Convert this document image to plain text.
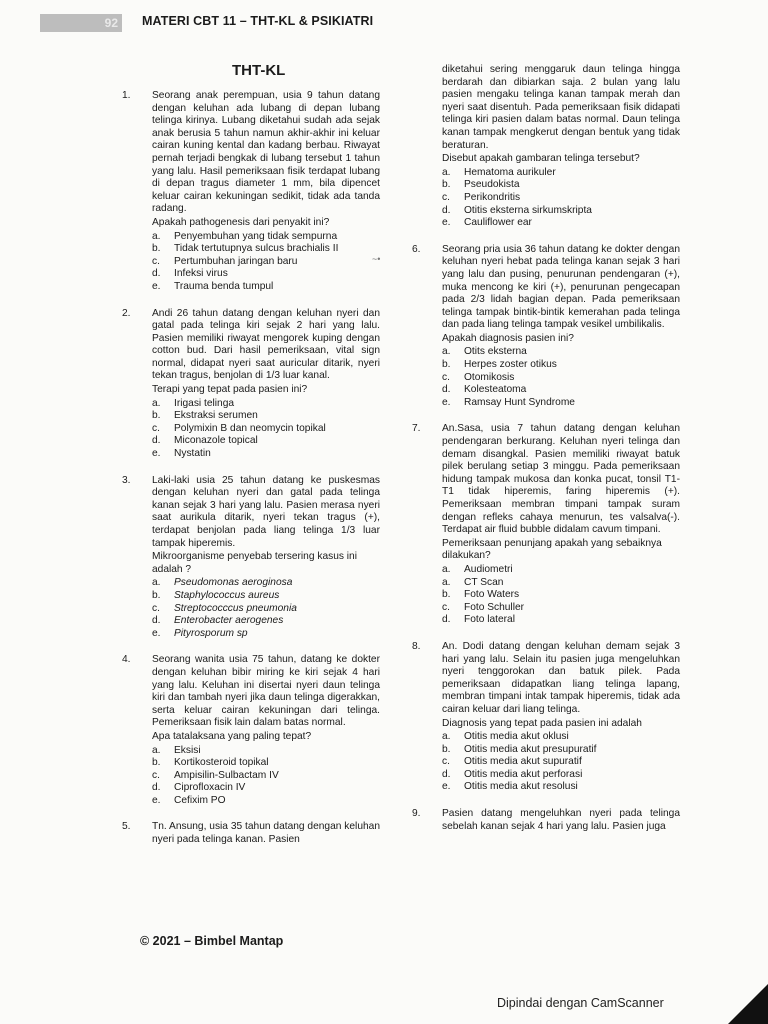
92	MATERI CBT 11 – THT-KL & PSIKIATRI
THT-KL
~•
1. Seorang anak perempuan, usia 9 tahun datang dengan keluhan ada lubang di depan lubang telinga kirinya. Lubang diketahui sudah ada sejak anak berusia 5 tahun namun akhir-akhir ini keluar cairan kuning kental dan kadang berbau. Riwayat pernah terjadi bengkak di lubang tersebut 1 tahun yang lalu. Hasil pemeriksaan fisik terdapat lubang di depan tragus diameter 1 mm, bila dipencet keluar cairan kekuningan sedikit, tidak ada tanda radang.
Apakah pathogenesis dari penyakit ini?
a. Penyembuhan yang tidak sempurna
b. Tidak tertutupnya sulcus brachialis II
c. Pertumbuhan jaringan baru
d. Infeksi virus
e. Trauma benda tumpul
2. Andi 26 tahun datang dengan keluhan nyeri dan gatal pada telinga kiri sejak 2 hari yang lalu. Pasien memiliki riwayat mengorek kuping dengan cotton bud. Dari hasil pemeriksaan, vital sign normal, didapat nyeri saat auricular ditarik, nyeri tekan tragus, benjolan di 1/3 luar kanal.
Terapi yang tepat pada pasien ini?
a. Irigasi telinga
b. Ekstraksi serumen
c. Polymixin B dan neomycin topikal
d. Miconazole topical
e. Nystatin
3. Laki-laki usia 25 tahun datang ke puskesmas dengan keluhan nyeri dan gatal pada telinga kanan sejak 3 hari yang lalu. Pasien merasa nyeri saat aurikula ditarik, nyeri tekan tragus (+), terdapat benjolan pada liang telinga 1/3 luar tampak hiperemis.
Mikroorganisme penyebab tersering kasus ini adalah ?
a. Pseudomonas aeroginosa
b. Staphylococcus aureus
c. Streptococccus pneumonia
d. Enterobacter aerogenes
e. Pityrosporum sp
4. Seorang wanita usia 75 tahun, datang ke dokter dengan keluhan bibir miring ke kiri sejak 4 hari yang lalu. Keluhan ini disertai nyeri daun telinga kiri dan tambah nyeri jika daun telinga digerakkan, serta keluar cairan kekuningan dari telinga. Pemeriksaan fisik lain dalam batas normal.
Apa tatalaksana yang paling tepat?
a. Eksisi
b. Kortikosteroid topikal
c. Ampisilin-Sulbactam IV
d. Ciprofloxacin IV
e. Cefixim PO
5. Tn. Ansung, usia 35 tahun datang dengan keluhan nyeri pada telinga kanan. Pasien
diketahui sering menggaruk daun telinga hingga berdarah dan dibiarkan saja. 2 bulan yang lalu pasien mengaku telinga kanan tampak merah dan nyeri saat disentuh. Pada pemeriksaan fisik didapati telinga kiri pasien dalam batas normal. Daun telinga kanan tampak mengkerut dengan bentuk yang tidak beraturan.
Disebut apakah gambaran telinga tersebut?
a. Hematoma aurikuler
b. Pseudokista
c. Perikondritis
d. Otitis eksterna sirkumskripta
e. Cauliflower ear
6. Seorang pria usia 36 tahun datang ke dokter dengan keluhan nyeri hebat pada telinga kanan sejak 3 hari yang lalu dan pusing, penurunan pendengaran (+), muka mencong ke kiri (+), penurunan pengecapan pada 2/3 lidah bagian depan. Pada pemeriksaan telinga tampak bintik-bintik kemerahan pada telinga dan pada liang telinga tampak vesikel umbilikalis.
Apakah diagnosis pasien ini?
a. Otits eksterna
b. Herpes zoster otikus
c. Otomikosis
d. Kolesteatoma
e. Ramsay Hunt Syndrome
7. An.Sasa, usia 7 tahun datang dengan keluhan pendengaran berkurang. Keluhan nyeri telinga dan demam disangkal. Pasien memiliki riwayat batuk pilek berulang setiap 3 minggu. Pada pemeriksaan hidung tampak mukosa dan konka pucat, tonsil T1-T1 tidak hiperemis, faring hiperemis (+). Pemeriksaan membran timpani tampak suram dengan refleks cahaya menurun, tes valsalva(-). Terdapat air fluid bubble didalam cavum timpani.
Pemeriksaan penunjang apakah yang sebaiknya dilakukan?
a. Audiometri
a. CT Scan
b. Foto Waters
c. Foto Schuller
d. Foto lateral
8. An. Dodi datang dengan keluhan demam sejak 3 hari yang lalu. Selain itu pasien juga mengeluhkan nyeri tenggorokan dan batuk pilek. Pada pemeriksaan didapatkan liang telinga lapang, membran timpani intak tampak hiperemis, tidak ada cairan keluar dari liang telinga.
Diagnosis yang tepat pada pasien ini adalah
a. Otitis media akut oklusi
b. Otitis media akut presupuratif
c. Otitis media akut supuratif
d. Otitis media akut perforasi
e. Otitis media akut resolusi
9. Pasien datang mengeluhkan nyeri pada telinga sebelah kanan sejak 4 hari yang lalu. Pasien juga
© 2021 – Bimbel Mantap
Dipindai dengan CamScanner
